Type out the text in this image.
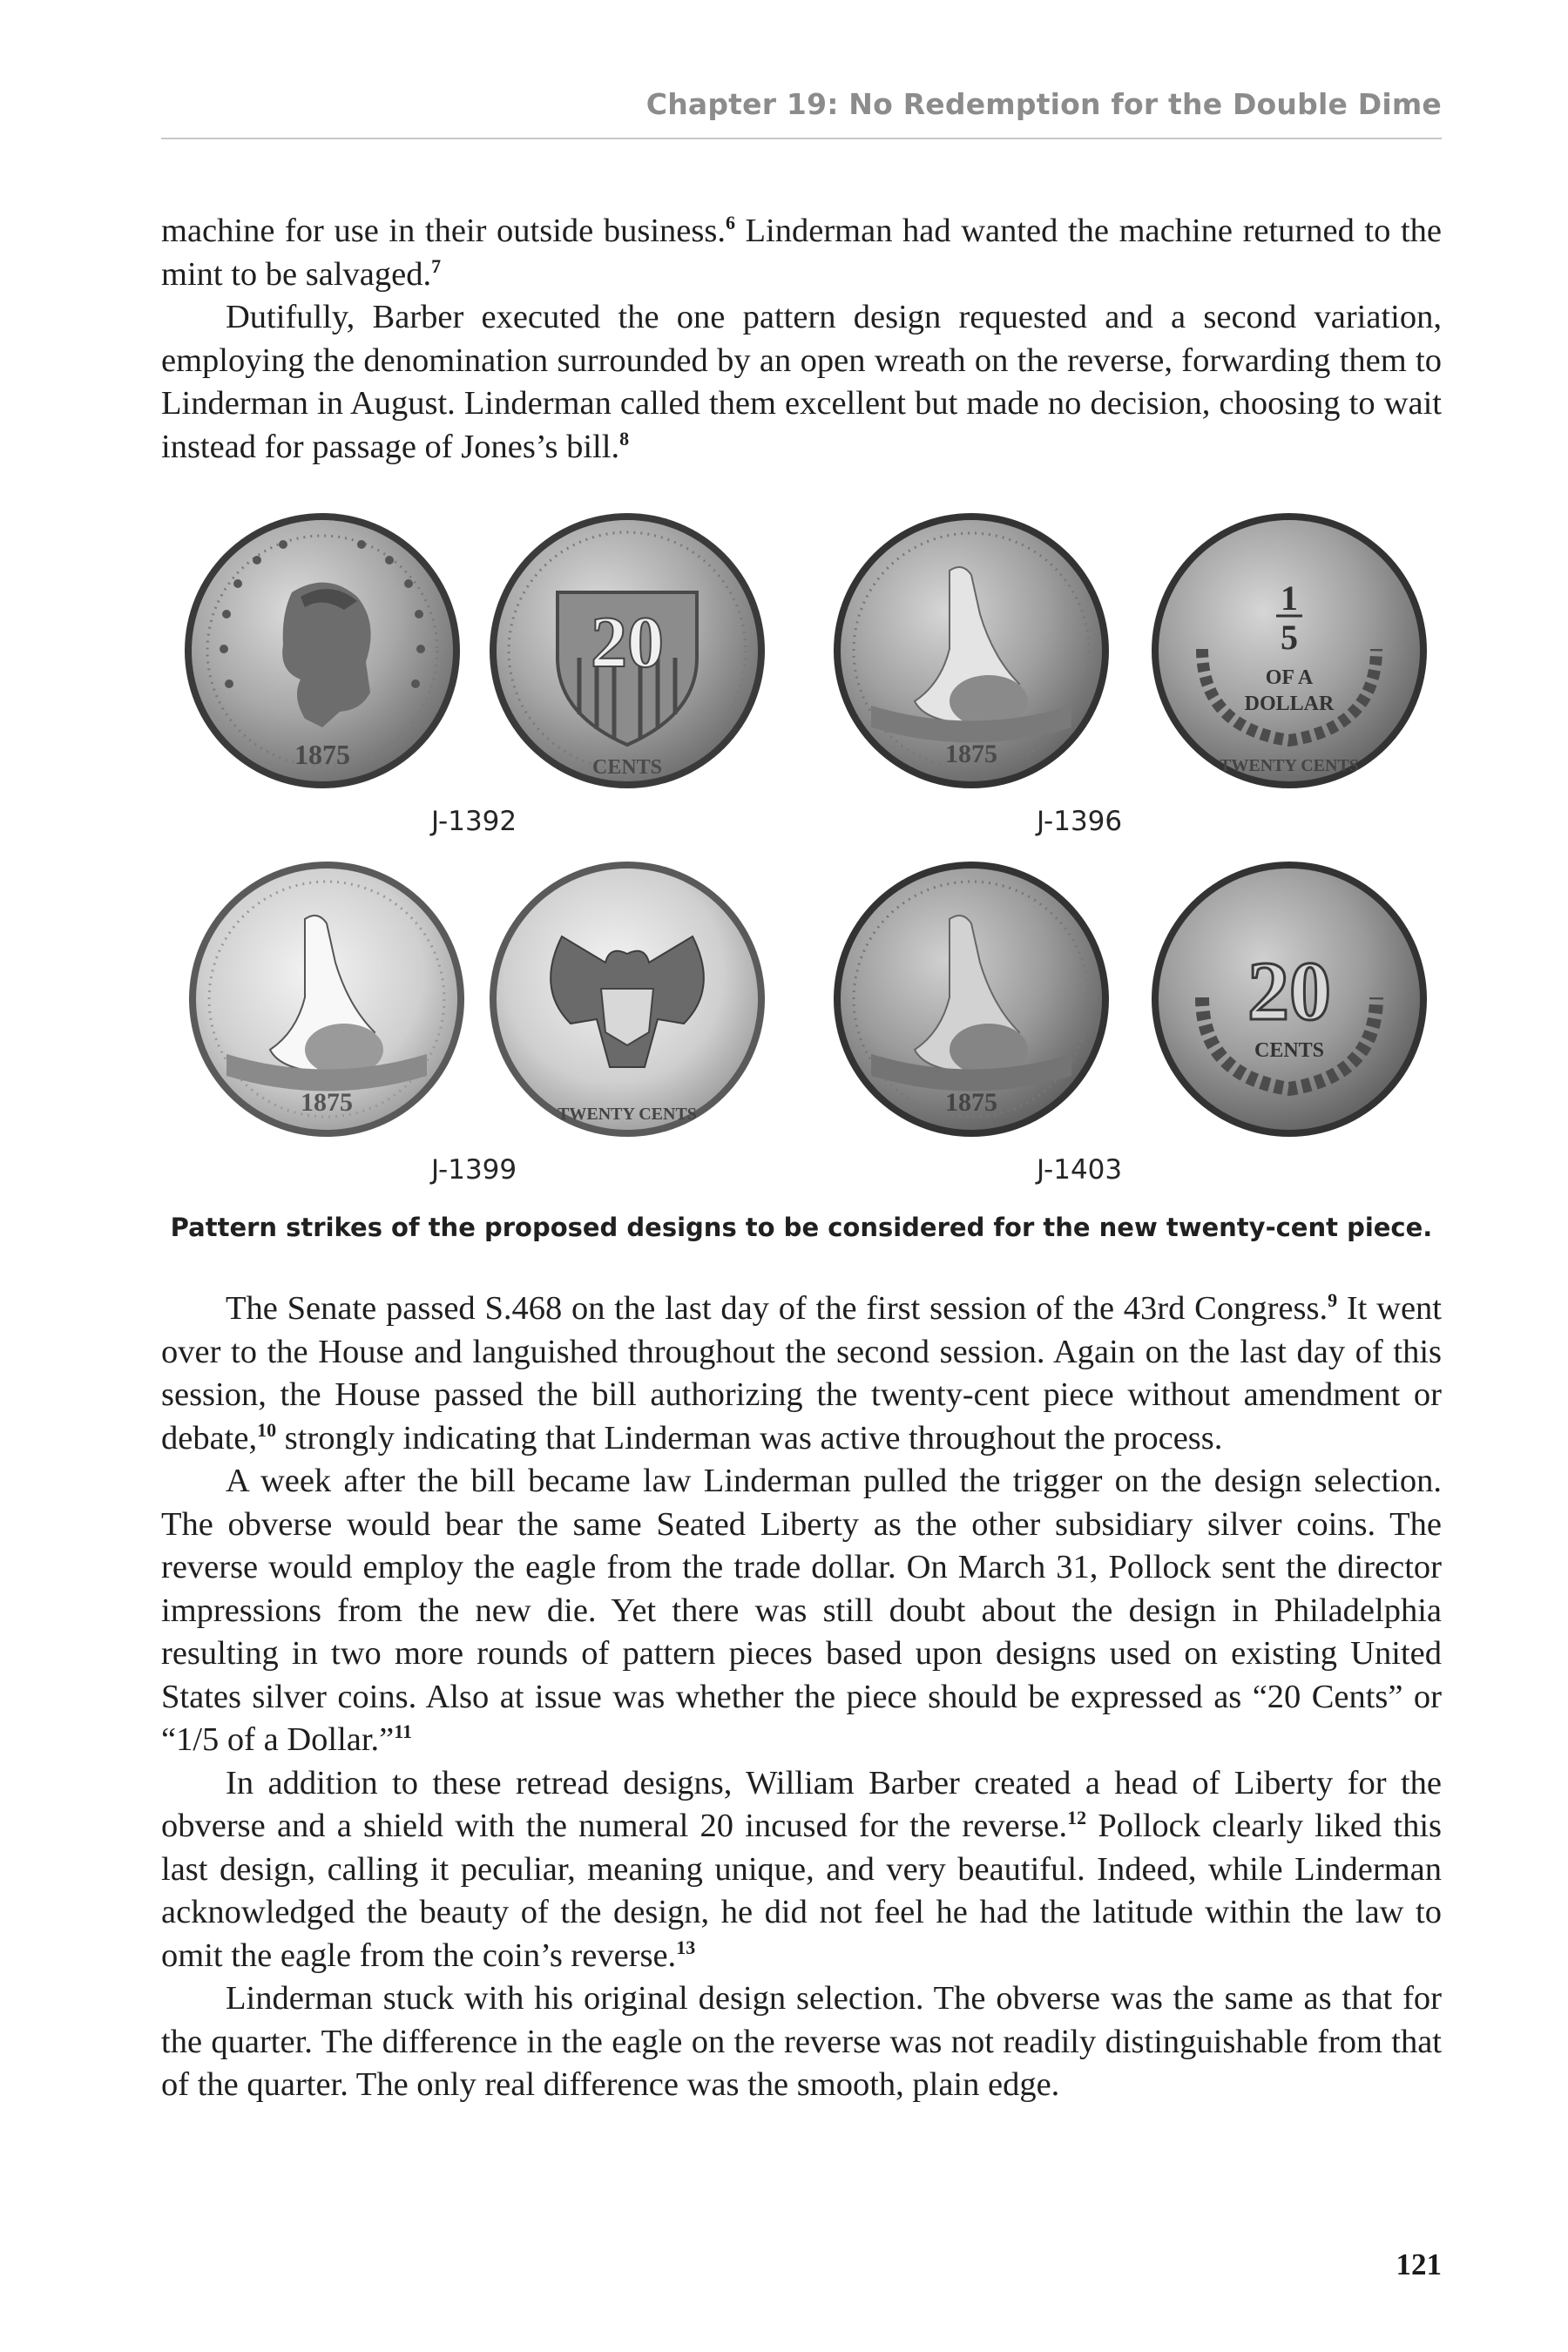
Chapter 19: No Redemption for the Double Dime

machine for use in their outside business.$^6$ Linderman had wanted the machine returned to the mint to be salvaged.$^7$

Dutifully, Barber executed the one pattern design requested and a second variation, employing the denomination surrounded by an open wreath on the reverse, forwarding them to Linderman in August. Linderman called them excellent but made no decision, choosing to wait instead for passage of Jones’s bill.$^8$

1875
20
CENTS
J-1392
1875
1
5
OF A
DOLLAR
TWENTY CENTS
J-1396
1875	TWENTY CENTS
J-1399
1875
20
CENTS
J-1403
Pattern strikes of the proposed designs to be considered for the new twenty-cent piece.

The Senate passed S.468 on the last day of the first session of the 43rd Congress.$^9$ It went over to the House and languished throughout the second session. Again on the last day of this session, the House passed the bill authorizing the twenty-cent piece without amendment or debate,$^{10}$ strongly indicating that Linderman was active throughout the process.

A week after the bill became law Linderman pulled the trigger on the design selection. The obverse would bear the same Seated Liberty as the other subsidiary silver coins. The reverse would employ the eagle from the trade dollar. On March 31, Pollock sent the director impressions from the new die. Yet there was still doubt about the design in Philadelphia resulting in two more rounds of pattern pieces based upon designs used on existing United States silver coins. Also at issue was whether the piece should be expressed as “20 Cents” or “1/5 of a Dollar.”$^{11}$

In addition to these retread designs, William Barber created a head of Liberty for the obverse and a shield with the numeral 20 incused for the reverse.$^{12}$ Pollock clearly liked this last design, calling it peculiar, meaning unique, and very beautiful. Indeed, while Linderman acknowledged the beauty of the design, he did not feel he had the latitude within the law to omit the eagle from the coin’s reverse.$^{13}$

Linderman stuck with his original design selection. The obverse was the same as that for the quarter. The difference in the eagle on the reverse was not readily distinguishable from that of the quarter. The only real difference was the smooth, plain edge.

121
